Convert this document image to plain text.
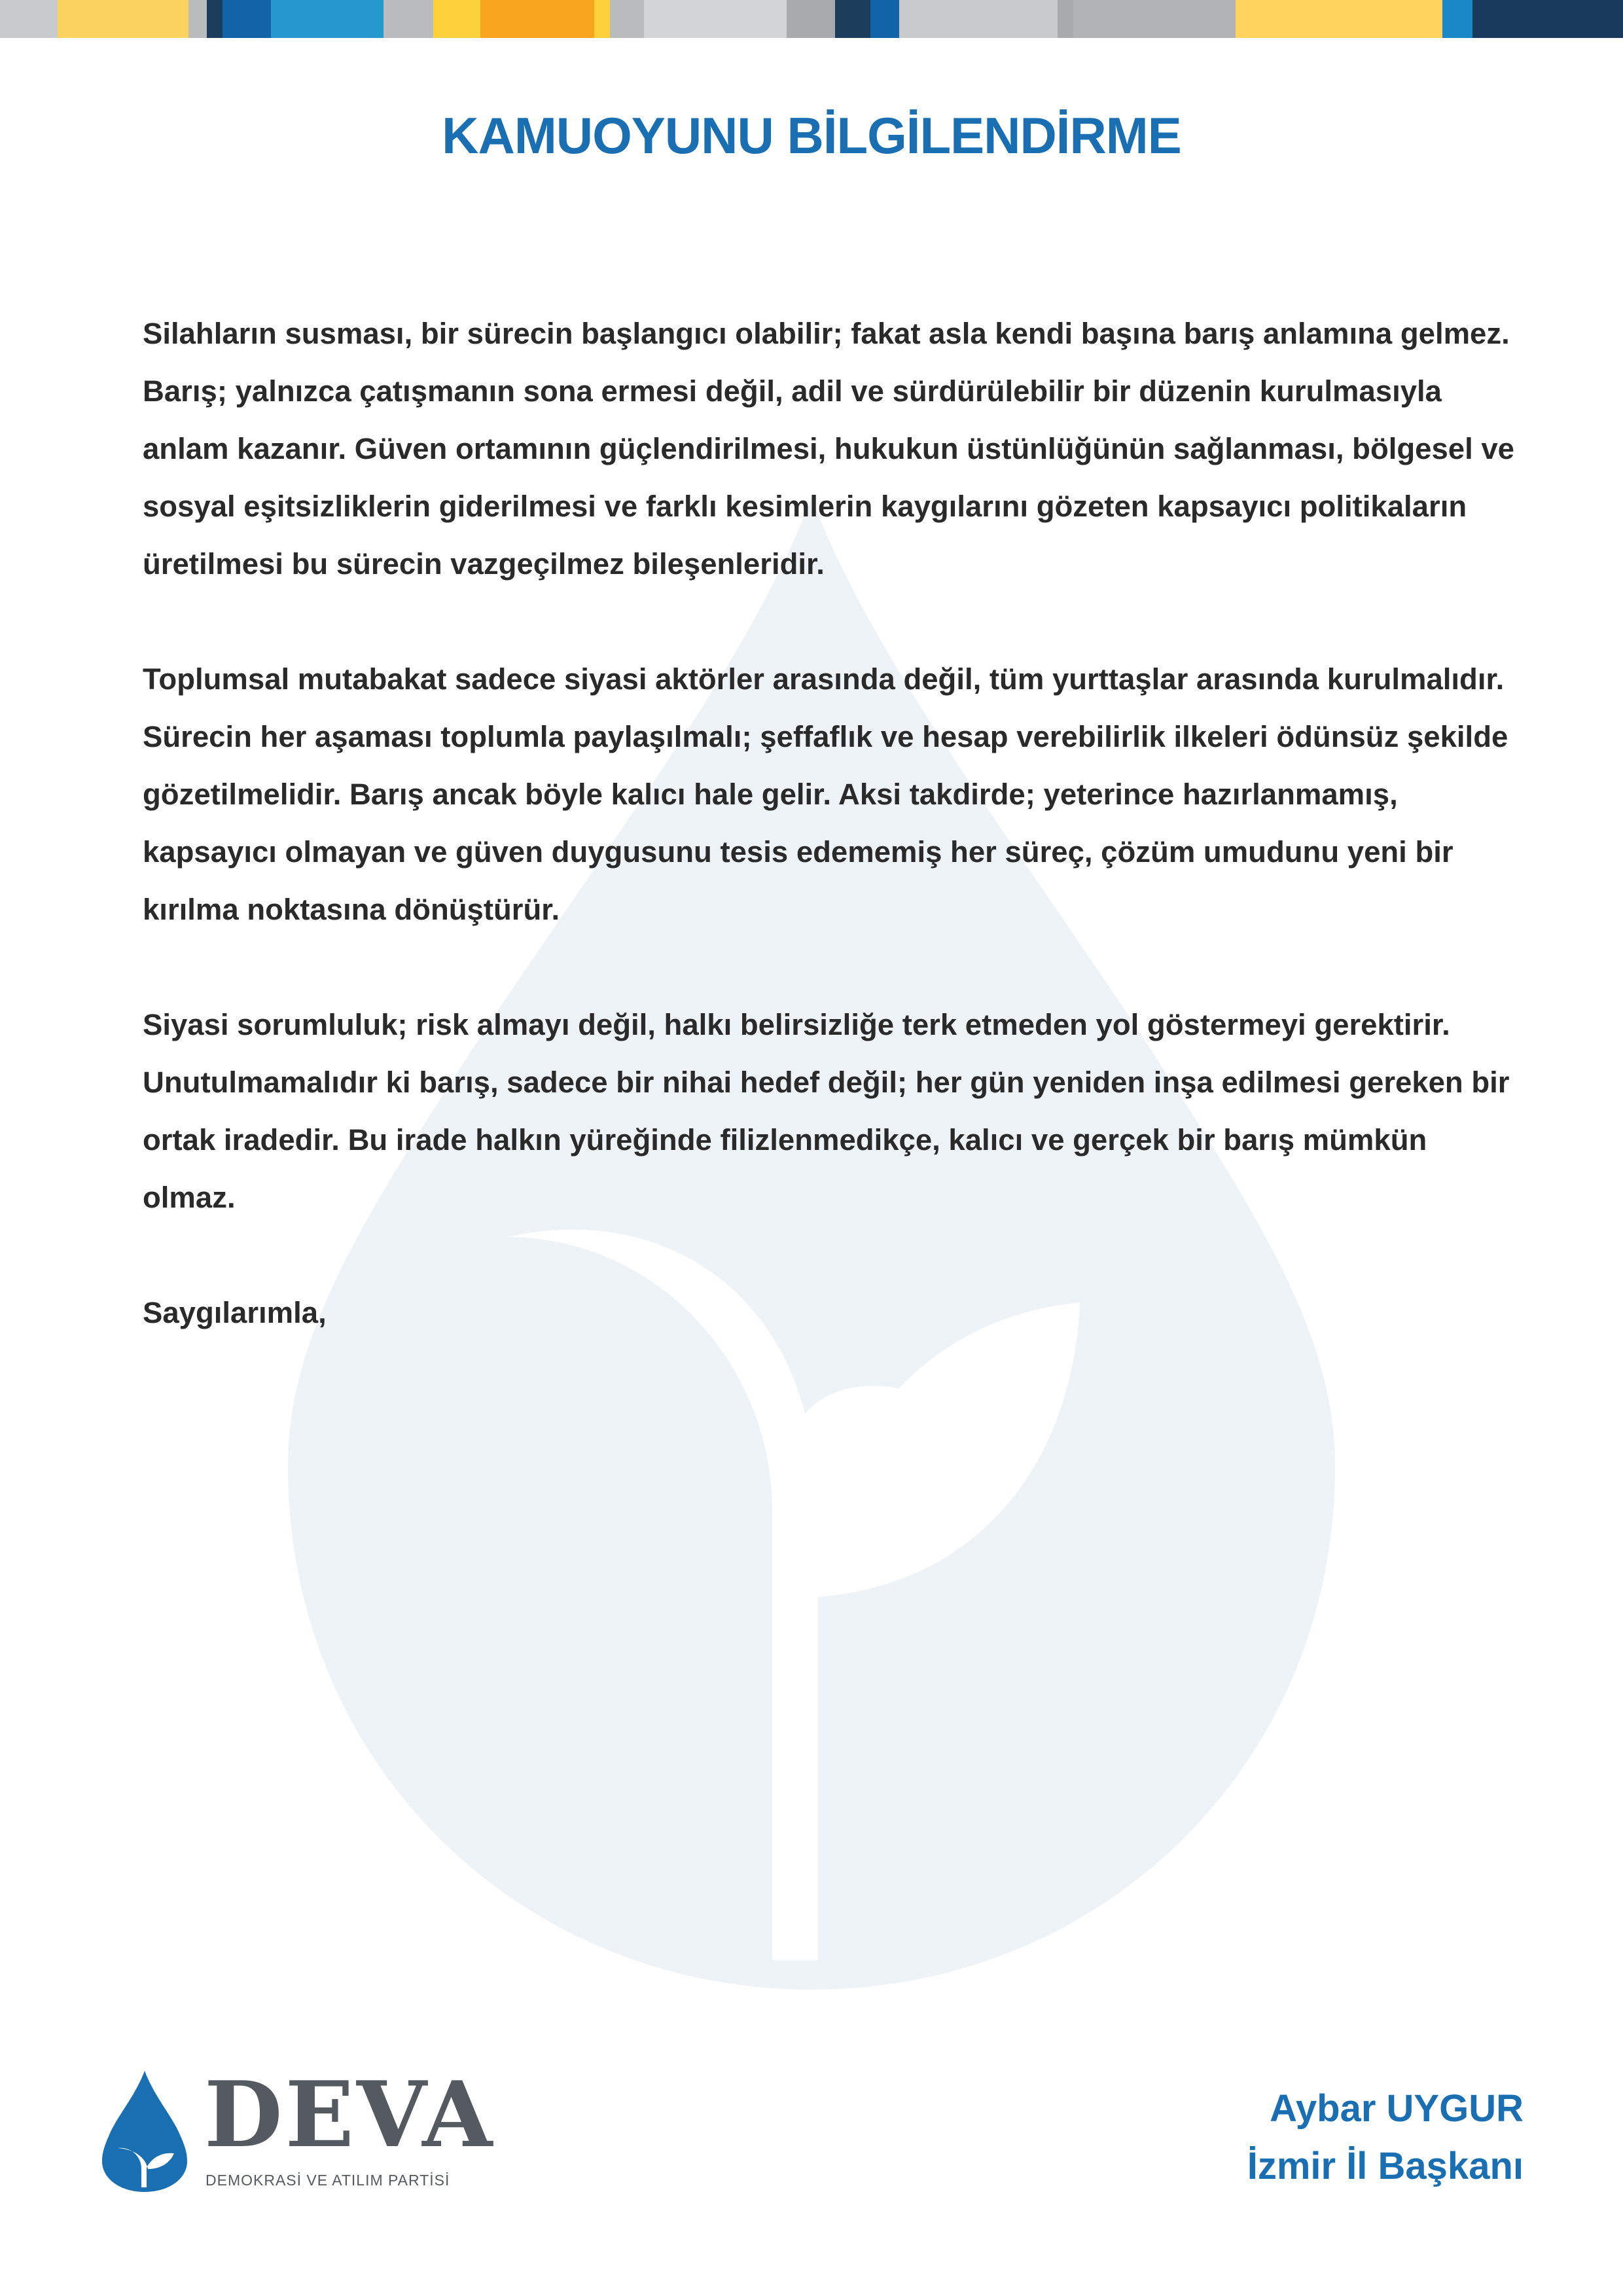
KAMUOYUNU BİLGİLENDİRME

Silahların susması, bir sürecin başlangıcı olabilir; fakat asla kendi başına barış anlamına gelmez. Barış; yalnızca çatışmanın sona ermesi değil, adil ve sürdürülebilir bir düzenin kurulmasıyla anlam kazanır. Güven ortamının güçlendirilmesi, hukukun üstünlüğünün sağlanması, bölgesel ve sosyal eşitsizliklerin giderilmesi ve farklı kesimlerin kaygılarını gözeten kapsayıcı politikaların üretilmesi bu sürecin vazgeçilmez bileşenleridir.

Toplumsal mutabakat sadece siyasi aktörler arasında değil, tüm yurttaşlar arasında kurulmalıdır. Sürecin her aşaması toplumla paylaşılmalı; şeffaflık ve hesap verebilirlik ilkeleri ödünsüz şekilde gözetilmelidir. Barış ancak böyle kalıcı hale gelir. Aksi takdirde; yeterince hazırlanmamış, kapsayıcı olmayan ve güven duygusunu tesis edememiş her süreç, çözüm umudunu yeni bir kırılma noktasına dönüştürür.

Siyasi sorumluluk; risk almayı değil, halkı belirsizliğe terk etmeden yol göstermeyi gerektirir. Unutulmamalıdır ki barış, sadece bir nihai hedef değil; her gün yeniden inşa edilmesi gereken bir ortak iradedir. Bu irade halkın yüreğinde filizlenmedikçe, kalıcı ve gerçek bir barış mümkün olmaz.

Saygılarımla,

DEVA
DEMOKRASİ VE ATILIM PARTİSİ
Aybar UYGUR
İzmir İl Başkanı
